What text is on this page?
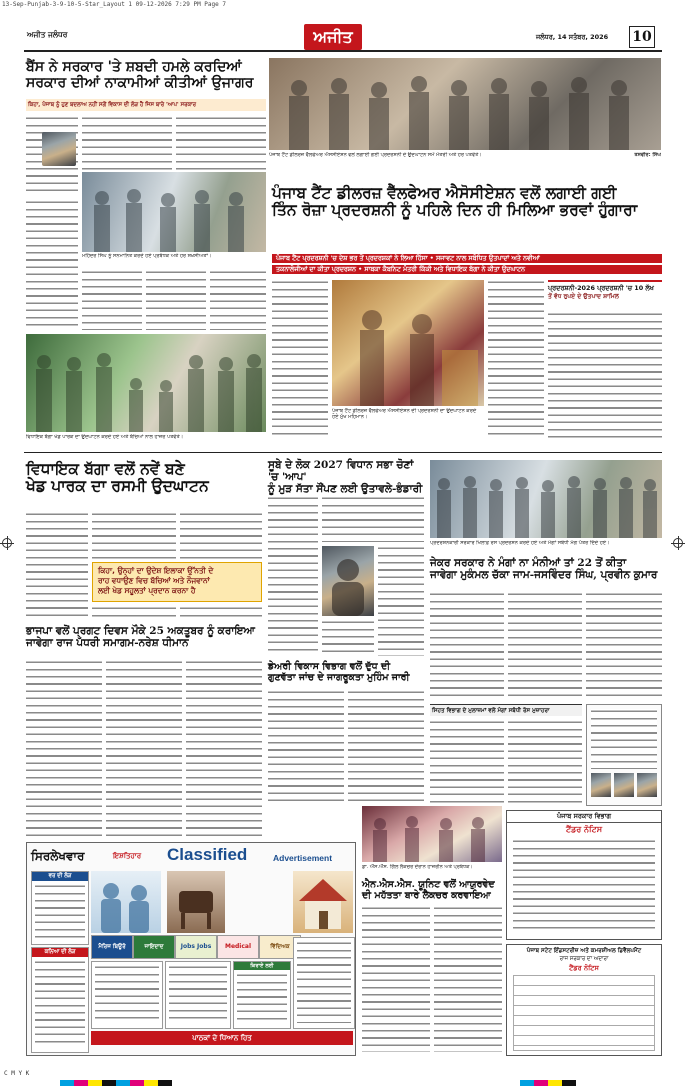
13-Sep-Punjab-3-9-10-5-Star_Layout 1 09-12-2026 7:29 PM Page 7
ਅਜੀਤ ਜਲੰਧਰ	ਅਜੀਤ	ਜਲੰਧਰ, 14 ਸਤੰਬਰ, 2026 10
ਬੈਂਸ ਨੇ ਸਰਕਾਰ 'ਤੇ ਸ਼ਬਦੀ ਹਮਲੇ ਕਰਦਿਆਂ
ਸਰਕਾਰ ਦੀਆਂ ਨਾਕਾਮੀਆਂ ਕੀਤੀਆਂ ਉਜਾਗਰ
ਕਿਹਾ, ਪੰਜਾਬ ਨੂੰ ਹੁਣ ਬਦਲਾਅ ਨਹੀਂ ਸਗੋਂ ਵਿਕਾਸ ਦੀ ਲੋੜ ਹੈ ਜਿਸ ਬਾਰੇ 'ਆਪ' ਸਰਕਾਰ
ਪੰਜਾਬ ਟੈਂਟ ਡੀਲਰਜ਼ ਵੈੱਲਫੇਅਰ ਐਸੋਸੀਏਸ਼ਨ ਵਲੋਂ ਲਗਾਈ ਗਈ ਪ੍ਰਦਰਸ਼ਨੀ ਦੇ ਉਦਘਾਟਨ ਸਮੇਂ ਮੰਤਰੀ ਅਤੇ ਹੋਰ ਪਤਵੰਤੇ।	ਤਸਵੀਰ: ਸਿੰਘ
ਮਹਿੰਦਰ ਸਿੰਘ ਨੂੰ ਸਨਮਾਨਿਤ ਕਰਦੇ ਹੋਏ ਪ੍ਰਬੰਧਕ ਅਤੇ ਹੋਰ ਸ਼ਖ਼ਸੀਅਤਾਂ।
ਪੰਜਾਬ ਟੈਂਟ ਡੀਲਰਜ਼ ਵੈੱਲਫੇਅਰ ਐਸੋਸੀਏਸ਼ਨ ਵਲੋਂ ਲਗਾਈ ਗਈ
ਤਿੰਨ ਰੋਜ਼ਾ ਪ੍ਰਦਰਸ਼ਨੀ ਨੂੰ ਪਹਿਲੇ ਦਿਨ ਹੀ ਮਿਲਿਆ ਭਰਵਾਂ ਹੁੰਗਾਰਾ
ਪੰਜਾਬ ਟੈਂਟ ਪ੍ਰਦਰਸ਼ਨੀ 'ਚ ਦੇਸ਼ ਭਰ ਤੋਂ ਪ੍ਰਦਰਸ਼ਕਾਂ ਨੇ ਲਿਆ ਹਿੱਸਾ • ਸਜਾਵਟ ਨਾਲ ਸਬੰਧਿਤ ਉਤਪਾਦਾਂ ਅਤੇ ਨਵੀਆਂ
ਤਕਨਾਲੋਜੀਆਂ ਦਾ ਕੀਤਾ ਪ੍ਰਦਰਸ਼ਨ • ਸਾਬਕਾ ਕੈਬਨਿਟ ਮੰਤਰੀ ਕਿੱਕੀ ਅਤੇ ਵਿਧਾਇਕ ਬੱਗਾ ਨੇ ਕੀਤਾ ਉਦਘਾਟਨ
ਪੰਜਾਬ ਟੈਂਟ ਡੀਲਰਜ਼ ਵੈੱਲਫੇਅਰ ਐਸੋਸੀਏਸ਼ਨ ਦੀ ਪ੍ਰਦਰਸ਼ਨੀ ਦਾ ਉਦਘਾਟਨ ਕਰਦੇ ਹੋਏ ਮੁੱਖ ਮਹਿਮਾਨ।
ਪ੍ਰਦਰਸ਼ਨੀ-2026 ਪ੍ਰਦਰਸ਼ਨੀ 'ਚ 10 ਲੱਖ
ਤੋਂ ਵੱਧ ਰੁਪਏ ਦੇ ਉਤਪਾਦ ਸ਼ਾਮਿਲ
ਵਿਧਾਇਕ ਬੱਗਾ ਖੇਡ ਪਾਰਕ ਦਾ ਉਦਘਾਟਨ ਕਰਦੇ ਹੋਏ ਅਤੇ ਬੱਚਿਆਂ ਨਾਲ ਹਾਜ਼ਰ ਪਤਵੰਤੇ।
ਵਿਧਾਇਕ ਬੱਗਾ ਵਲੋਂ ਨਵੇਂ ਬਣੇ
ਖੇਡ ਪਾਰਕ ਦਾ ਰਸਮੀ ਉਦਘਾਟਨ
ਕਿਹਾ, ਉਨ੍ਹਾਂ ਦਾ ਉਦੇਸ਼ ਇਲਾਕਾ ਉੱਨਤੀ ਦੇ
ਰਾਹ ਵਧਾਉਣ ਵਿਚ ਬੱਚਿਆਂ ਅਤੇ ਨੌਜਵਾਨਾਂ
ਲਈ ਖੇਡ ਸਹੂਲਤਾਂ ਪ੍ਰਦਾਨ ਕਰਨਾ ਹੈ
ਭਾਜਪਾ ਵਲੋਂ ਪ੍ਰਗਟ ਦਿਵਸ ਮੌਕੇ 25 ਅਕਤੂਬਰ ਨੂੰ ਕਰਾਇਆ
ਜਾਵੇਗਾ ਰਾਜ ਪੱਧਰੀ ਸਮਾਗਮ-ਨਰੇਸ਼ ਧੀਮਾਨ
ਸੂਬੇ ਦੇ ਲੋਕ 2027 ਵਿਧਾਨ ਸਭਾ ਚੋਣਾਂ 'ਚ 'ਆਪ'
ਨੂੰ ਮੁੜ ਸੱਤਾ ਸੌਂਪਣ ਲਈ ਉਤਾਵਲੇ-ਭੰਡਾਰੀ
ਡੇਅਰੀ ਵਿਕਾਸ ਵਿਭਾਗ ਵਲੋਂ ਦੁੱਧ ਦੀ
ਗੁਣਵੱਤਾ ਜਾਂਚ ਦੇ ਜਾਗਰੂਕਤਾ ਮੁਹਿੰਮ ਜਾਰੀ
ਪ੍ਰਦਰਸ਼ਨਕਾਰੀ ਸਰਕਾਰ ਖਿਲਾਫ਼ ਰੋਸ ਪ੍ਰਦਰਸ਼ਨ ਕਰਦੇ ਹੋਏ ਅਤੇ ਮੰਗਾਂ ਸਬੰਧੀ ਮੰਗ ਪੱਤਰ ਦਿੰਦੇ ਹੋਏ।
ਜੇਕਰ ਸਰਕਾਰ ਨੇ ਮੰਗਾਂ ਨਾ ਮੰਨੀਆਂ ਤਾਂ 22 ਤੋਂ ਕੀਤਾ
ਜਾਵੇਗਾ ਮੁਕੰਮਲ ਚੱਕਾ ਜਾਮ-ਜਸਵਿੰਦਰ ਸਿੰਘ, ਪ੍ਰਵੀਨ ਕੁਮਾਰ
ਸਿਹਤ ਵਿਭਾਗ ਦੇ ਮੁਲਾਜ਼ਮਾਂ ਵਲੋਂ ਮੰਗਾਂ ਸਬੰਧੀ ਰੋਸ ਮੁਜ਼ਾਹਰਾ
ਡਾ. ਐੱਸ.ਐੱਸ. ਗਿੱਲ ਲੈਕਚਰ ਦੌਰਾਨ ਹਾਜ਼ਰੀਨ ਅਤੇ ਪ੍ਰਬੰਧਕ।
ਐਨ.ਐਸ.ਐਸ. ਯੂਨਿਟ ਵਲੋਂ ਆਯੁਰਵੇਦ
ਦੀ ਮਹੱਤਤਾ ਬਾਰੇ ਲੈਕਚਰ ਕਰਵਾਇਆ
ਸਿਰਲੇਖਵਾਰ	ਇਸ਼ਤਿਹਾਰ Classified	Advertisement
ਵਰ ਦੀ ਲੋੜ
ਕਨਿਆ ਦੀ ਲੋੜ
ਮੈਰਿਜ ਬਿਊਰੋ	ਜਾਇਦਾਦ	Jobs Jobs	Medical	ਵਿੱਦਿਅਕ
ਕਿਰਾਏ ਲਈ
ਪਾਠਕਾਂ ਦੇ ਧਿਆਨ ਹਿਤ
ਪੰਜਾਬ ਸਰਕਾਰ ਵਿਭਾਗ
ਟੈਂਡਰ ਨੋਟਿਸ
ਪੰਜਾਬ ਸਟੇਟ ਇੰਡਸਟਰੀਜ਼ ਅਤੇ ਕਮਰਸ਼ੀਅਲ ਡਿਵੈਲਪਮੈਂਟ
ਰਾਜ ਸਰਕਾਰ ਦਾ ਅਦਾਰਾ
ਟੈਂਡਰ ਨੋਟਿਸ
C M Y K
